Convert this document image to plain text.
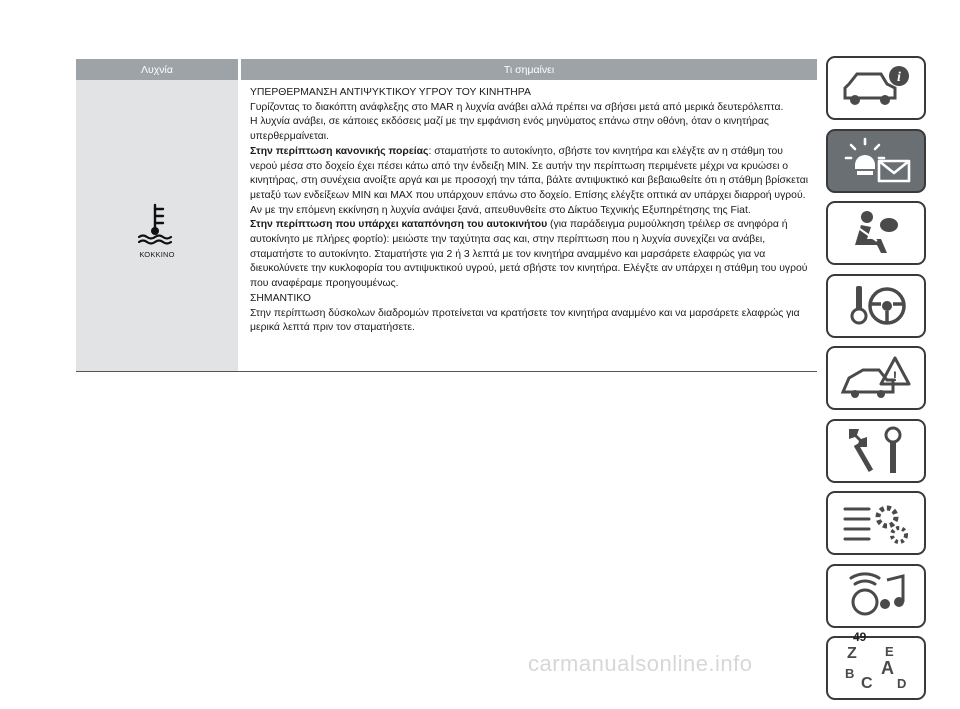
Λυχνία	Τι σημαίνει
ΚΟΚΚΙΝΟ

ΥΠΕΡΘΕΡΜΑΝΣΗ ΑΝΤΙΨΥΚΤΙΚΟΥ ΥΓΡΟΥ ΤΟΥ ΚΙΝΗΤΗΡΑ

Γυρίζοντας το διακόπτη ανάφλεξης στο MAR η λυχνία ανάβει αλλά πρέπει να σβήσει μετά από μερικά δευτερόλεπτα.

Η λυχνία ανάβει, σε κάποιες εκδόσεις μαζί με την εμφάνιση ενός μηνύματος επάνω στην οθόνη, όταν ο κινητήρας υπερθερμαίνεται.

Στην περίπτωση κανονικής πορείας: σταματήστε το αυτοκίνητο, σβήστε τον κινητήρα και ελέγξτε αν η στάθμη του νερού μέσα στο δοχείο έχει πέσει κάτω από την ένδειξη MIN. Σε αυτήν την περίπτωση περιμένετε μέχρι να κρυώσει ο κινητήρας, στη συνέχεια ανοίξτε αργά και με προσοχή την τάπα, βάλτε αντιψυκτικό και βεβαιωθείτε ότι η στάθμη βρίσκεται μεταξύ των ενδείξεων MIN και MAX που υπάρχουν επάνω στο δοχείο. Επίσης ελέγξτε οπτικά αν υπάρχει διαρροή υγρού. Αν με την επόμενη εκκίνηση η λυχνία ανάψει ξανά, απευθυνθείτε στο Δίκτυο Τεχνικής Εξυπηρέτησης της Fiat.

Στην περίπτωση που υπάρχει καταπόνηση του αυτοκινήτου (για παράδειγμα ρυμούλκηση τρέιλερ σε ανηφόρα ή αυτοκίνητο με πλήρες φορτίο): μειώστε την ταχύτητα σας και, στην περίπτωση που η λυχνία συνεχίζει να ανάβει, σταματήστε το αυτοκίνητο. Σταματήστε για 2 ή 3 λεπτά με τον κινητήρα αναμμένο και μαρσάρετε ελαφρώς για να διευκολύνετε την κυκλοφορία του αντιψυκτικού υγρού, μετά σβήστε τον κινητήρα. Ελέγξτε αν υπάρχει η στάθμη του υγρού που αναφέραμε προηγουμένως.

ΣΗΜΑΝΤΙΚΟ

Στην περίπτωση δύσκολων διαδρομών προτείνεται να κρατήσετε τον κινητήρα αναμμένο και να μαρσάρετε ελαφρώς για μερικά λεπτά πριν τον σταματήσετε.

i
!
Z E
A
B
C D
49
carmanualsonline.info
